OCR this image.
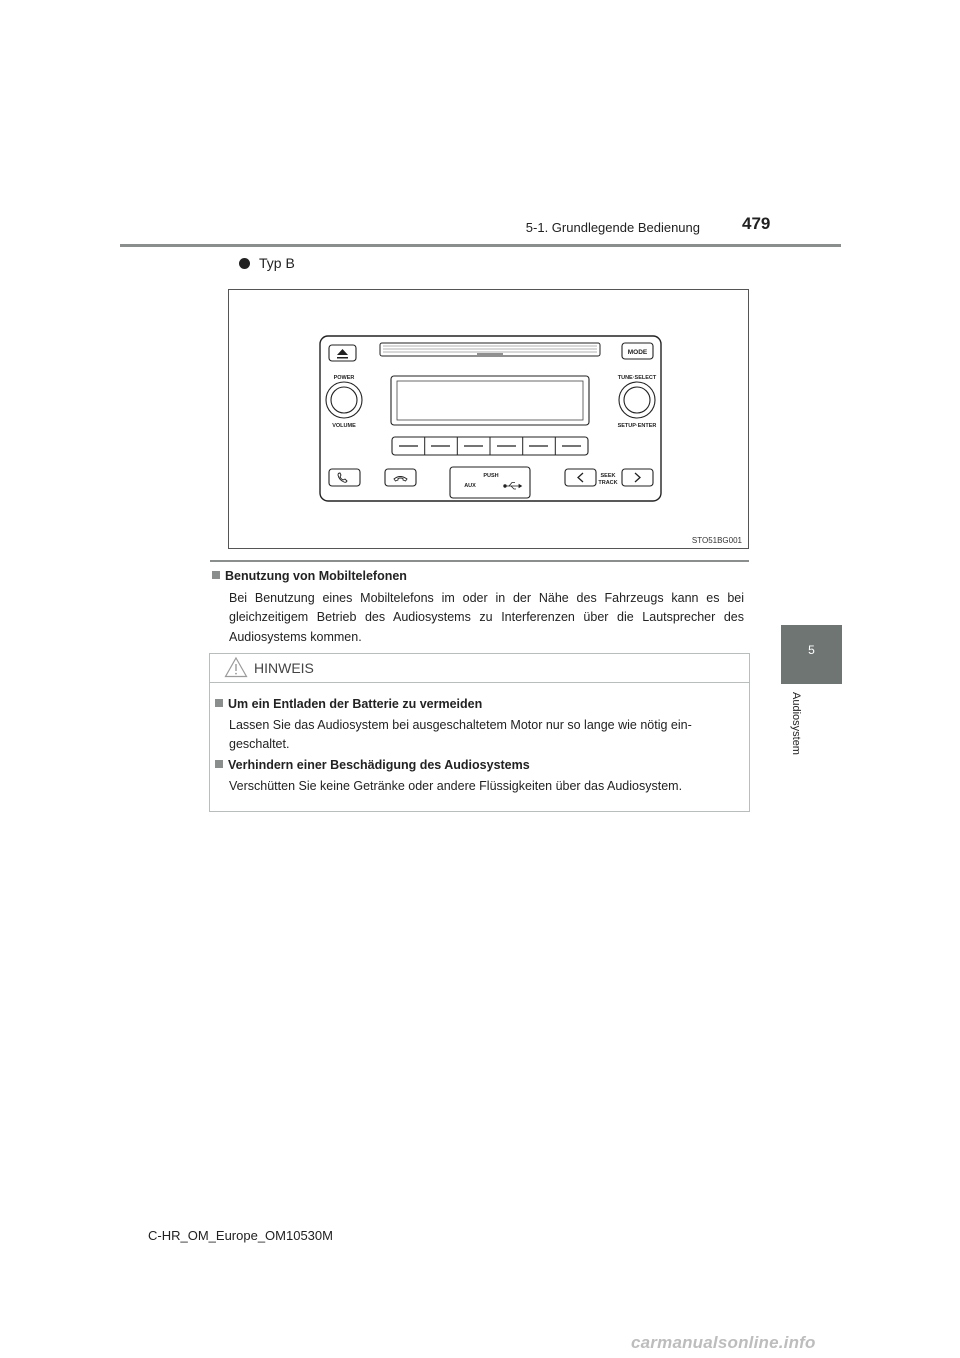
5-1. Grundlegende Bedienung 479
5
Audiosystem
Typ B
MODE
POWER
VOLUME
TUNE·SELECT
SETUP·ENTER
PUSH
AUX
SEEK
TRACK
STO51BG001
Benutzung von Mobiltelefonen
Bei Benutzung eines Mobiltelefons im oder in der Nähe des Fahrzeugs kann es bei gleichzeitigem Betrieb des Audiosystems zu Interferenzen über die Lautsprecher des Audiosystems kommen.
HINWEIS
Um ein Entladen der Batterie zu vermeiden
Lassen Sie das Audiosystem bei ausgeschaltetem Motor nur so lange wie nötig ein-geschaltet.
Verhindern einer Beschädigung des Audiosystems
Verschütten Sie keine Getränke oder andere Flüssigkeiten über das Audiosystem.
C-HR_OM_Europe_OM10530M
carmanualsonline.info
